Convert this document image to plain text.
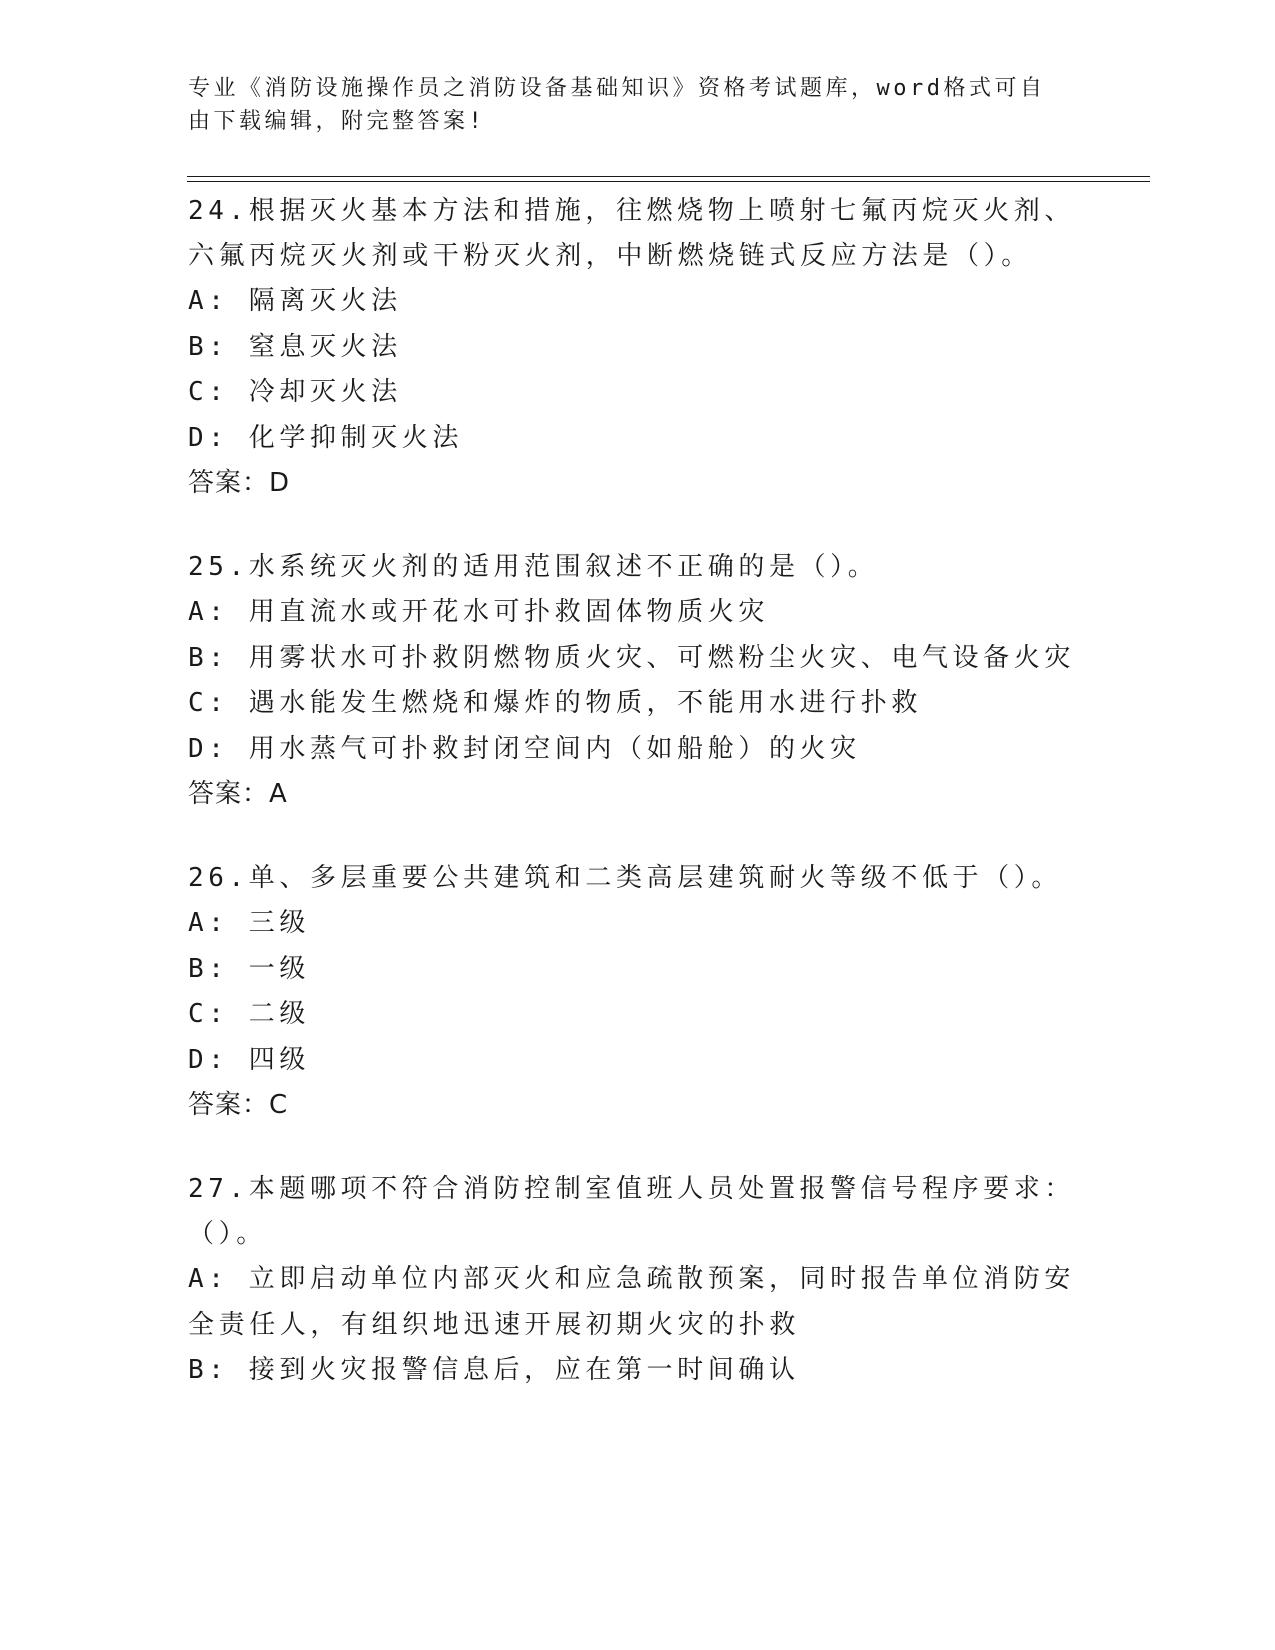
专业《消防设施操作员之消防设备基础知识》资格考试题库，word格式可自由下载编辑，附完整答案!

24.根据灭火基本方法和措施，往燃烧物上喷射七氟丙烷灭火剂、六氟丙烷灭火剂或干粉灭火剂，中断燃烧链式反应方法是（）。

A: 隔离灭火法

B: 窒息灭火法

C: 冷却灭火法

D: 化学抑制灭火法

答案：D

25.水系统灭火剂的适用范围叙述不正确的是（）。

A: 用直流水或开花水可扑救固体物质火灾

B: 用雾状水可扑救阴燃物质火灾、可燃粉尘火灾、电气设备火灾

C: 遇水能发生燃烧和爆炸的物质，不能用水进行扑救

D: 用水蒸气可扑救封闭空间内（如船舱）的火灾

答案：A

26.单、多层重要公共建筑和二类高层建筑耐火等级不低于（）。

A: 三级

B: 一级

C: 二级

D: 四级

答案：C

27.本题哪项不符合消防控制室值班人员处置报警信号程序要求：（）。

A: 立即启动单位内部灭火和应急疏散预案，同时报告单位消防安全责任人，有组织地迅速开展初期火灾的扑救

B: 接到火灾报警信息后，应在第一时间确认
